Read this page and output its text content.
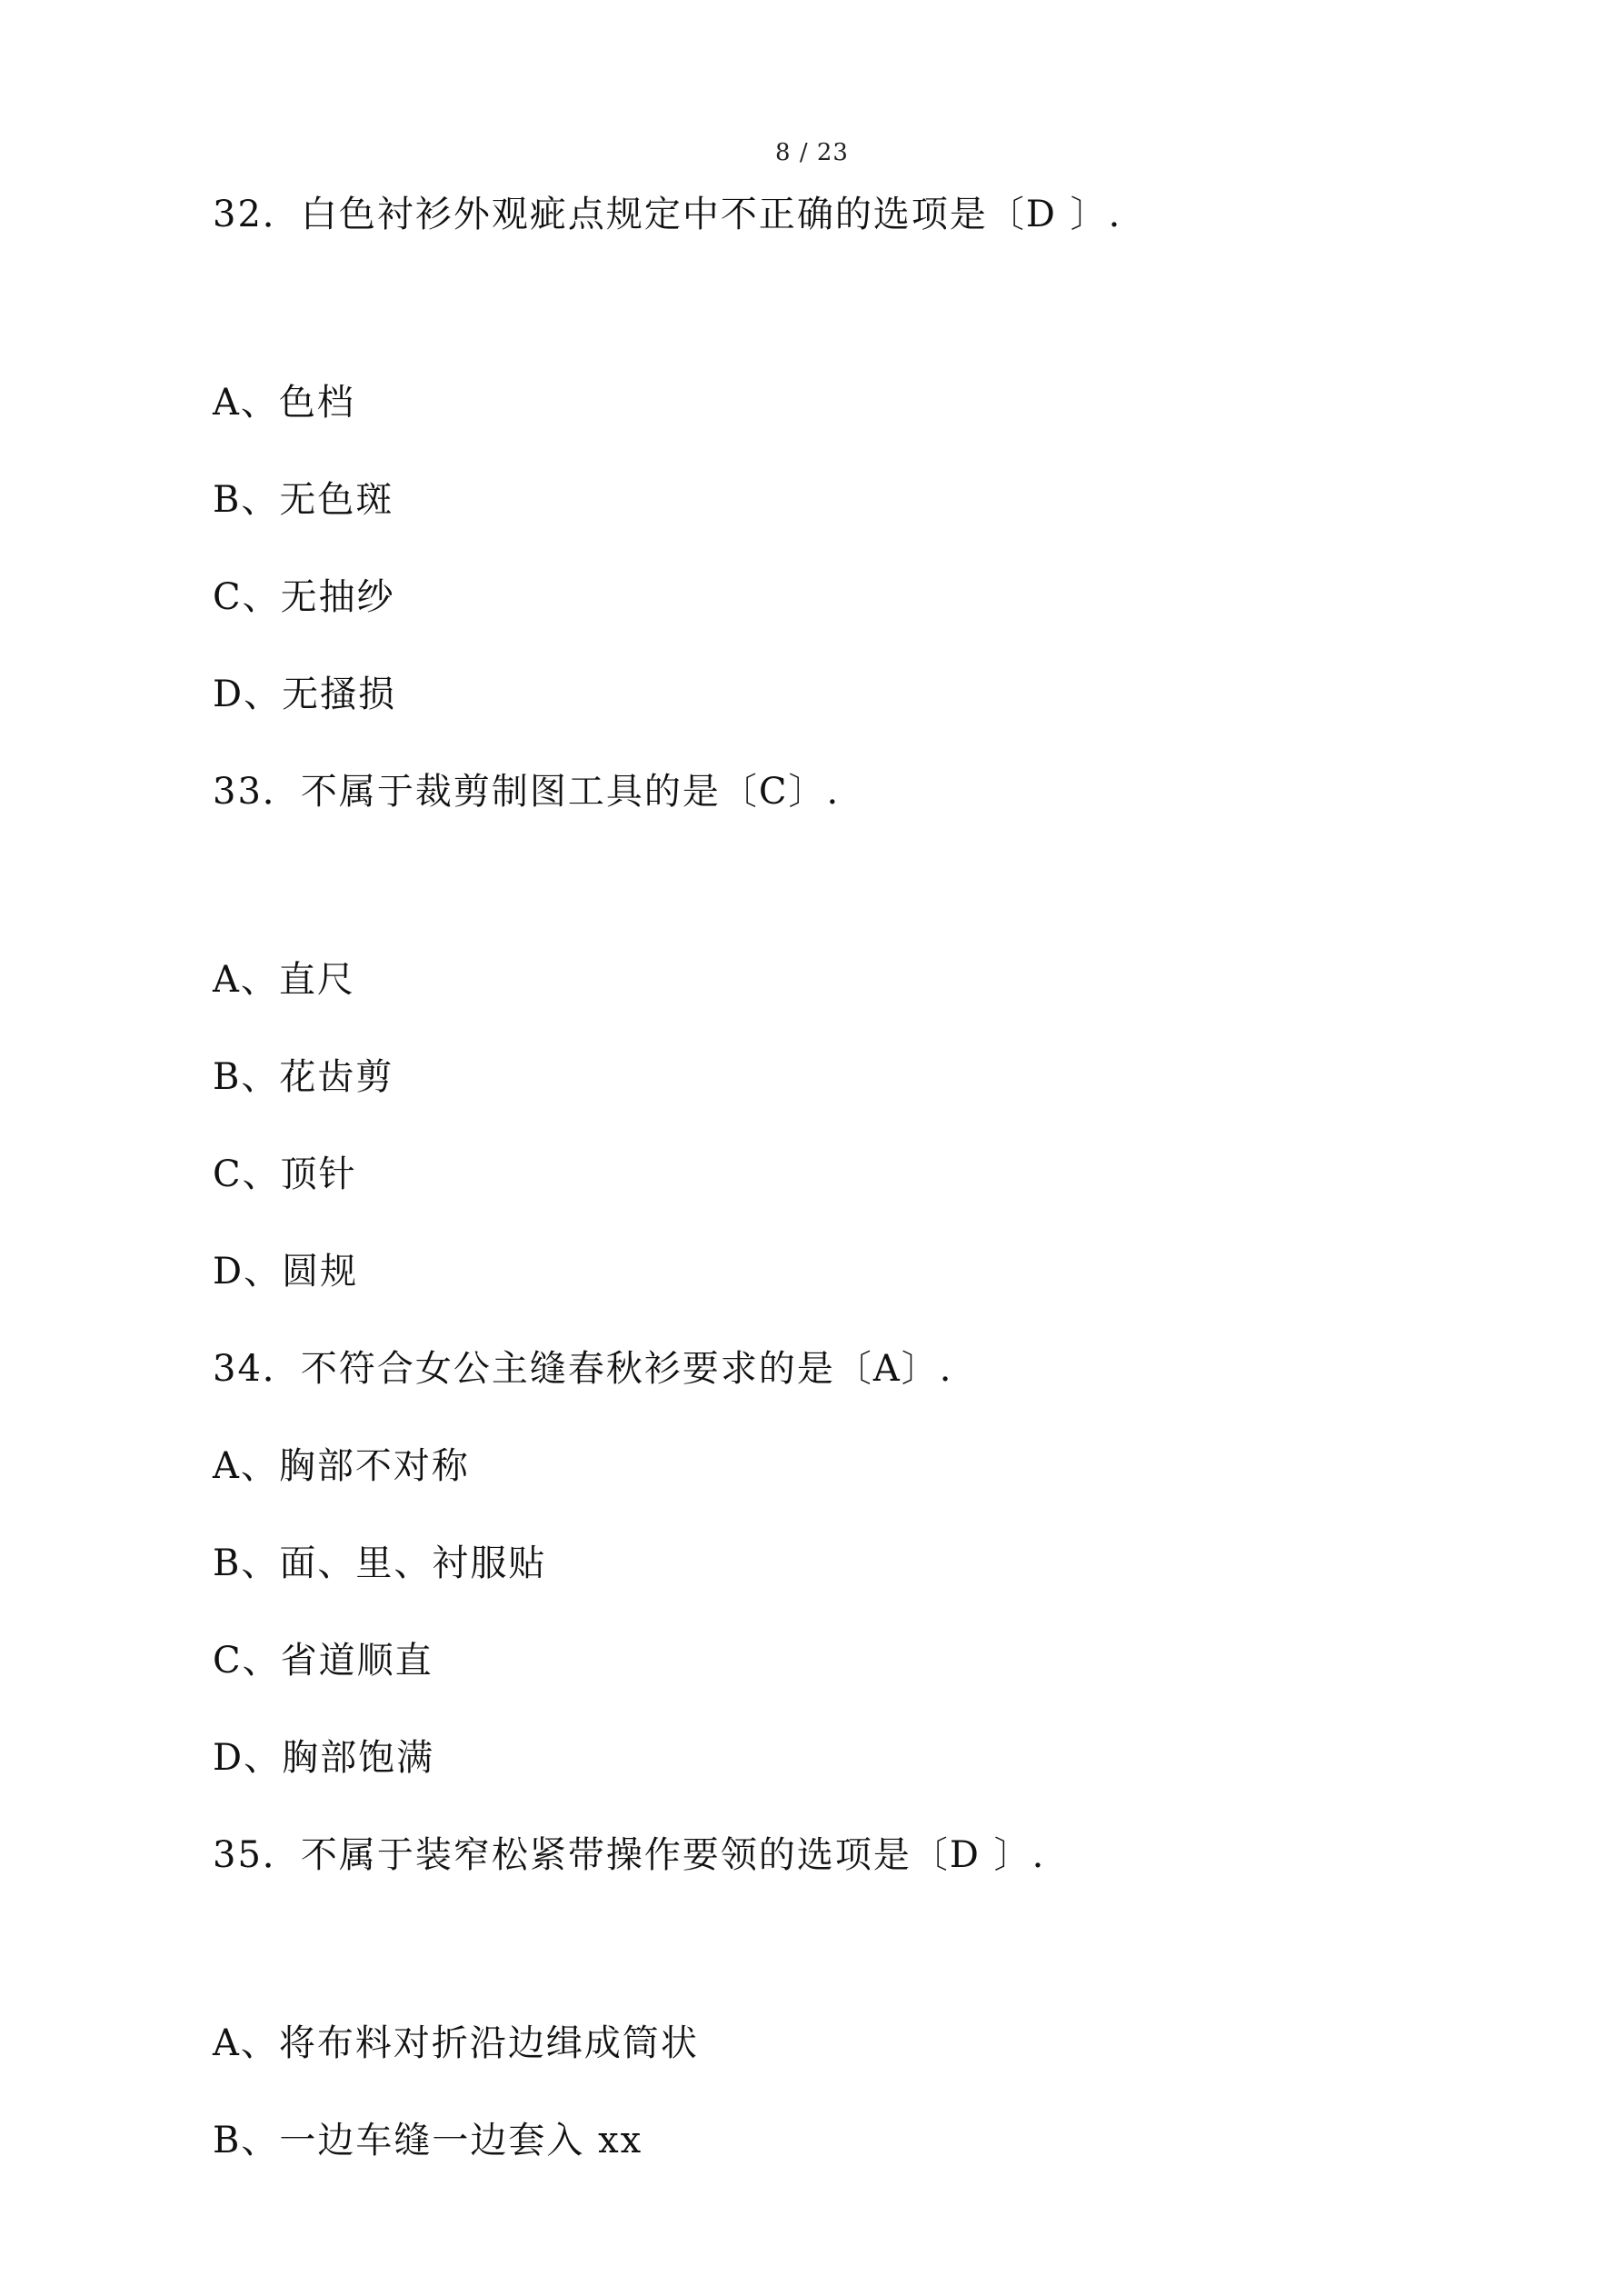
8 / 23
32．白色衬衫外观疵点规定中不正确的选项是〔D 〕.
A、色档
B、无色斑
C、无抽纱
D、无搔损
33．不属于裁剪制图工具的是〔C〕.
A、直尺
B、花齿剪
C、顶针
D、圆规
34．不符合女公主缝春秋衫要求的是〔A〕.
A、胸部不对称
B、面、里、衬服贴
C、省道顺直
D、胸部饱满
35．不属于装窄松紧带操作要领的选项是〔D 〕.
A、将布料对折沿边缉成筒状
B、一边车缝一边套入 xx
